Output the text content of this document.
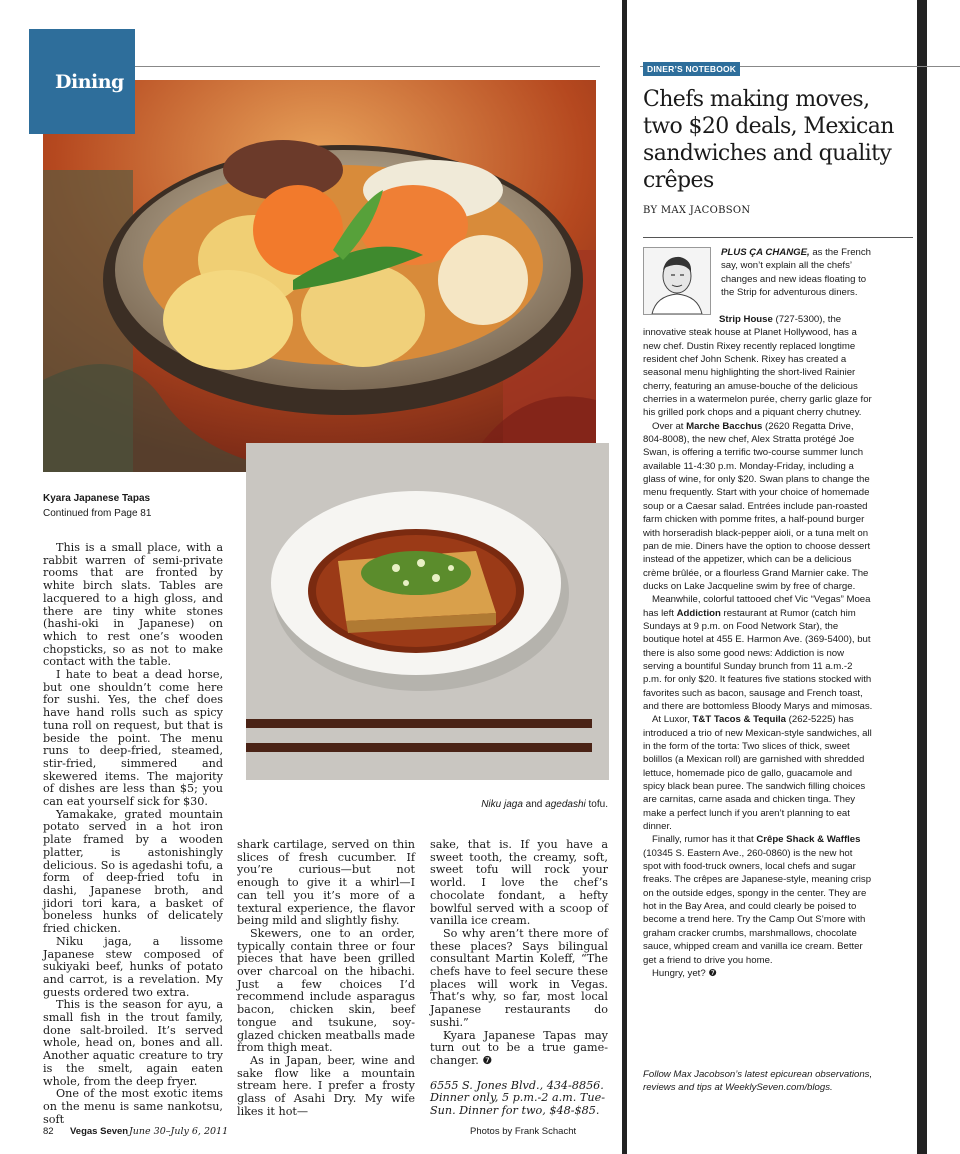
Dining
Kyara Japanese Tapas
Continued from Page 81
Niku jaga and agedashi tofu.

This is a small place, with a rabbit warren of semi-private rooms that are fronted by white birch slats. Tables are lacquered to a high gloss, and there are tiny white stones (hashi-oki in Japanese) on which to rest one’s wooden chopsticks, so as not to make contact with the table.

I hate to beat a dead horse, but one shouldn’t come here for sushi. Yes, the chef does have hand rolls such as spicy tuna roll on request, but that is beside the point. The menu runs to deep-fried, steamed, stir-fried, simmered and skewered items. The majority of dishes are less than $5; you can eat yourself sick for $30.

Yamakake, grated mountain potato served in a hot iron plate framed by a wooden platter, is astonishingly delicious. So is agedashi tofu, a form of deep-fried tofu in dashi, Japanese broth, and jidori tori kara, a basket of boneless hunks of delicately fried chicken.

Niku jaga, a lissome Japanese stew composed of sukiyaki beef, hunks of potato and carrot, is a revelation. My guests ordered two extra.

This is the season for ayu, a small fish in the trout family, done salt-broiled. It’s served whole, head on, bones and all. Another aquatic creature to try is the smelt, again eaten whole, from the deep fryer.

One of the most exotic items on the menu is same nankotsu, soft

shark cartilage, served on thin slices of fresh cucumber. If you’re curious—but not enough to give it a whirl—I can tell you it’s more of a textural experience, the flavor being mild and slightly fishy.

Skewers, one to an order, typically contain three or four pieces that have been grilled over charcoal on the hibachi. Just a few choices I’d recommend include asparagus bacon, chicken skin, beef tongue and tsukune, soy-glazed chicken meatballs made from thigh meat.

As in Japan, beer, wine and sake flow like a mountain stream here. I prefer a frosty glass of Asahi Dry. My wife likes it hot—

sake, that is. If you have a sweet tooth, the creamy, soft, sweet tofu will rock your world. I love the chef’s chocolate fondant, a hefty bowlful served with a scoop of vanilla ice cream.

So why aren’t there more of these places? Says bilingual consultant Martin Koleff, “The chefs have to feel secure these places will work in Vegas. That’s why, so far, most local Japanese restaurants do sushi.”

Kyara Japanese Tapas may turn out to be a true game-changer. ❼

6555 S. Jones Blvd., 434-8856. Dinner only, 5 p.m.-2 a.m. Tue-Sun. Dinner for two, $48-$85.

82 Vegas Seven June 30–July 6, 2011	Photos by Frank Schacht
DINER’S NOTEBOOK
Chefs making moves, two $20 deals, Mexican sandwiches and quality crêpes
BY MAX JACOBSON

PLUS ÇA CHANGE, as the French say, won’t explain all the chefs’ changes and new ideas floating to the Strip for adventurous diners.

Strip House (727-5300), the innovative steak house at Planet Hollywood, has a new chef. Dustin Rixey recently replaced longtime resident chef John Schenk. Rixey has created a seasonal menu highlighting the short-lived Rainier cherry, featuring an amuse-bouche of the delicious cherries in a watermelon purée, cherry garlic glaze for his grilled pork chops and a piquant cherry chutney.

Over at Marche Bacchus (2620 Regatta Drive, 804-8008), the new chef, Alex Stratta protégé Joe Swan, is offering a terrific two-course summer lunch available 11-4:30 p.m. Monday-Friday, including a glass of wine, for only $20. Swan plans to change the menu frequently. Start with your choice of homemade soup or a Caesar salad. Entrées include pan-roasted farm chicken with pomme frites, a half-pound burger with horseradish black-pepper aioli, or a tuna melt on pan de mie. Diners have the option to choose dessert instead of the appetizer, which can be a delicious crème brûlée, or a flourless Grand Marnier cake. The ducks on Lake Jacqueline swim by free of charge.

Meanwhile, colorful tattooed chef Vic “Vegas” Moea has left Addiction restaurant at Rumor (catch him Sundays at 9 p.m. on Food Network Star), the boutique hotel at 455 E. Harmon Ave. (369-5400), but there is also some good news: Addiction is now serving a bountiful Sunday brunch from 11 a.m.-2 p.m. for only $20. It features five stations stocked with favorites such as bacon, sausage and French toast, and there are bottomless Bloody Marys and mimosas.

At Luxor, T&T Tacos & Tequila (262-5225) has introduced a trio of new Mexican-style sandwiches, all in the form of the torta: Two slices of thick, sweet bolillos (a Mexican roll) are garnished with shredded lettuce, homemade pico de gallo, guacamole and spicy black bean puree. The sandwich filling choices are carnitas, carne asada and chicken tinga. They make a perfect lunch if you aren’t planning to eat dinner.

Finally, rumor has it that Crêpe Shack & Waffles (10345 S. Eastern Ave., 260-0860) is the new hot spot with food-truck owners, local chefs and sugar freaks. The crêpes are Japanese-style, meaning crisp on the outside edges, spongy in the center. They are hot in the Bay Area, and could clearly be poised to become a trend here. Try the Camp Out S’more with graham cracker crumbs, marshmallows, chocolate sauce, whipped cream and vanilla ice cream. Better get a friend to drive you home.

Hungry, yet? ❼

Follow Max Jacobson’s latest epicurean observations, reviews and tips at WeeklySeven.com/blogs.
